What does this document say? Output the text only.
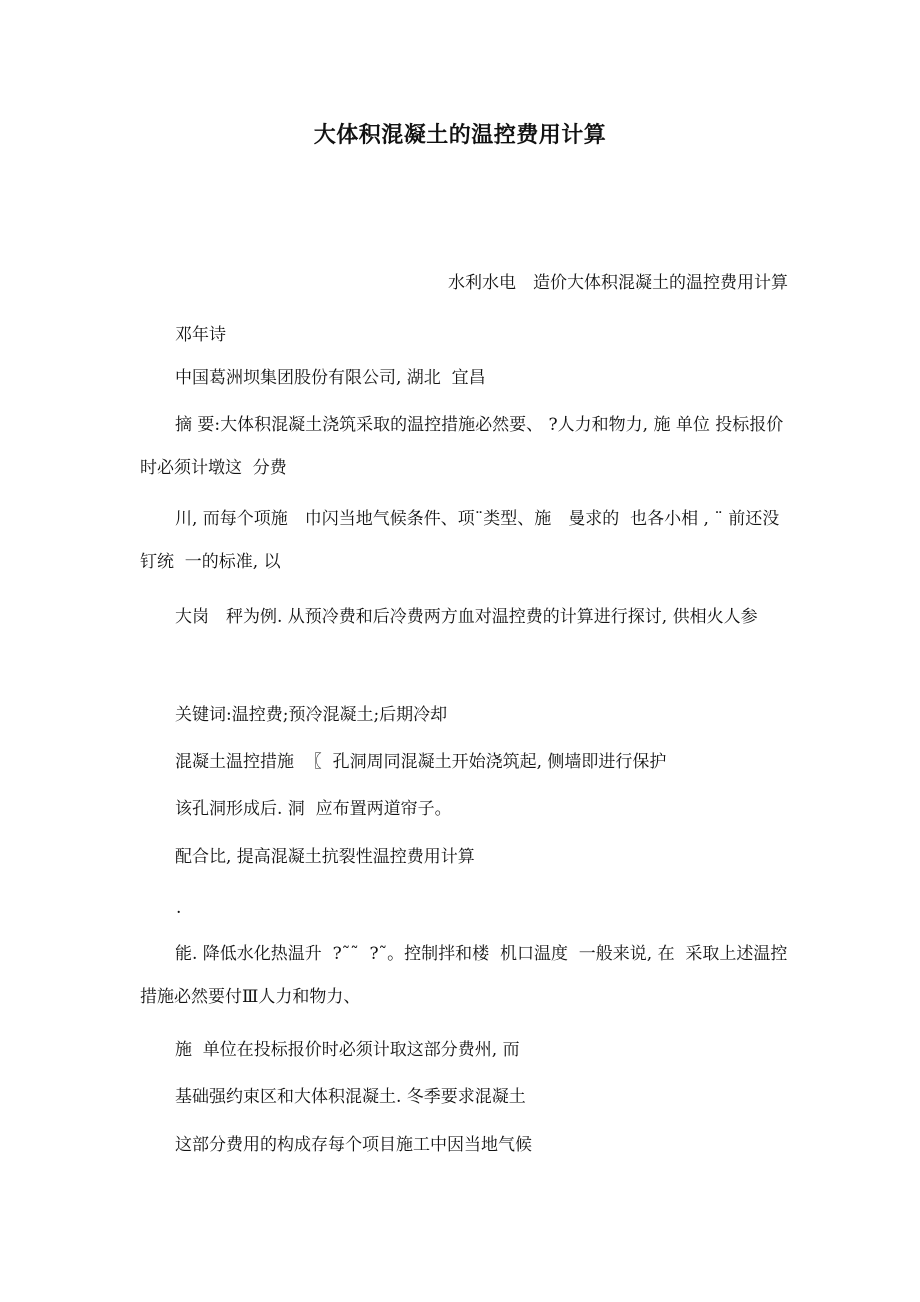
大体积混凝土的温控费用计算
水利水电　造价大体积混凝土的温控费用计算
邓年诗
中国葛洲坝集团股份有限公司, 湖北  宜昌
摘 要:大体积混凝土浇筑采取的温控措施必然要、 ?人力和物力, 施 单位 投标报价时必须计墩这  分费
川, 而每个项施　巾闪当地气候条件、项¨类型、施　曼求的  也各小相 , ¨ 前还没钉统  一的标准, 以
大岗　秤为例. 从预冷费和后冷费两方血对温控费的计算进行探讨, 供相火人参
关键词:温控费;预冷混凝土;后期冷却
混凝土温控措施  〖  孔洞周同混凝土开始浇筑起, 侧墙即进行保护
该孔洞形成后. 洞  应布置两道帘子。
配合比, 提高混凝土抗裂性温控费用计算
.
能. 降低水化热温升  ?˜˜  ?˜。控制拌和楼  机口温度  一般来说, 在  采取上述温控措施必然要付Ⅲ人力和物力、
施  单位在投标报价时必须计取这部分费州, 而
基础强约束区和大体积混凝土. 冬季要求混凝土
这部分费用的构成存每个项目施工中因当地气候
